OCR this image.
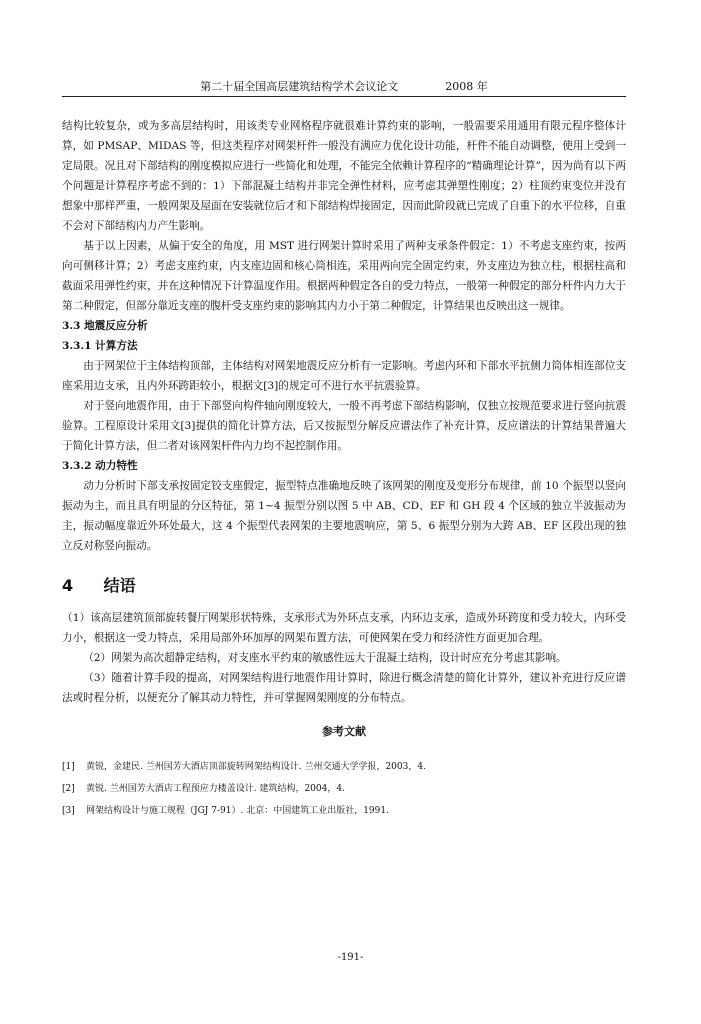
第二十届全国高层建筑结构学术会议论文	2008 年

结构比较复杂，或为多高层结构时，用该类专业网格程序就很难计算约束的影响，一般需要采用通用有限元程序整体计算，如 PMSAP、MIDAS 等，但这类程序对网架杆件一般没有满应力优化设计功能，杆件不能自动调整，使用上受到一定局限。况且对下部结构的刚度模拟应进行一些简化和处理，不能完全依赖计算程序的“精确理论计算”，因为尚有以下两个问题是计算程序考虑不到的：1）下部混凝土结构并非完全弹性材料，应考虑其弹塑性刚度；2）柱顶约束变位并没有想象中那样严重，一般网架及屋面在安装就位后才和下部结构焊接固定，因而此阶段就已完成了自重下的水平位移，自重不会对下部结构内力产生影响。

基于以上因素，从偏于安全的角度，用 MST 进行网架计算时采用了两种支承条件假定：1）不考虑支座约束，按两向可侧移计算；2）考虑支座约束，内支座边固和核心筒相连，采用两向完全固定约束，外支座边为独立柱，根据柱高和截面采用弹性约束，并在这种情况下计算温度作用。根据两种假定各自的受力特点，一般第一种假定的部分杆件内力大于第二种假定，但部分靠近支座的腹杆受支座约束的影响其内力小于第二种假定，计算结果也反映出这一规律。

3.3 地震反应分析

3.3.1 计算方法

由于网架位于主体结构顶部，主体结构对网架地震反应分析有一定影响。考虑内环和下部水平抗侧力筒体相连部位支座采用边支承，且内外环跨距较小，根据文[3]的规定可不进行水平抗震验算。

对于竖向地震作用，由于下部竖向构件轴向刚度较大，一般不再考虑下部结构影响，仅独立按规范要求进行竖向抗震验算。工程原设计采用文[3]提供的简化计算方法，后又按振型分解反应谱法作了补充计算，反应谱法的计算结果普遍大于简化计算方法，但二者对该网架杆件内力均不起控制作用。

3.3.2 动力特性

动力分析时下部支承按固定铰支座假定，振型特点准确地反映了该网架的刚度及变形分布规律，前 10 个振型以竖向振动为主，而且具有明显的分区特征，第 1~4 振型分别以图 5 中 AB、CD、EF 和 GH 段 4 个区域的独立半波振动为主，振动幅度靠近外环处最大，这 4 个振型代表网架的主要地震响应，第 5、6 振型分别为大跨 AB、EF 区段出现的独立反对称竖向振动。

4 结语

（1）该高层建筑顶部旋转餐厅网架形状特殊，支承形式为外环点支承，内环边支承，造成外环跨度和受力较大，内环受力小，根据这一受力特点，采用局部外环加厚的网架布置方法，可使网架在受力和经济性方面更加合理。

（2）网架为高次超静定结构，对支座水平约束的敏感性远大于混凝土结构，设计时应充分考虑其影响。

（3）随着计算手段的提高，对网架结构进行地震作用计算时，除进行概念清楚的简化计算外，建议补充进行反应谱法或时程分析，以便充分了解其动力特性，并可掌握网架刚度的分布特点。

参考文献
[1] 黄锐，金建民. 兰州国芳大酒店顶部旋转网架结构设计. 兰州交通大学学报，2003，4.
[2] 黄锐. 兰州国芳大酒店工程预应力楼盖设计. 建筑结构，2004，4.
[3] 网架结构设计与施工规程（JGJ 7-91）. 北京：中国建筑工业出版社，1991.
-191-
